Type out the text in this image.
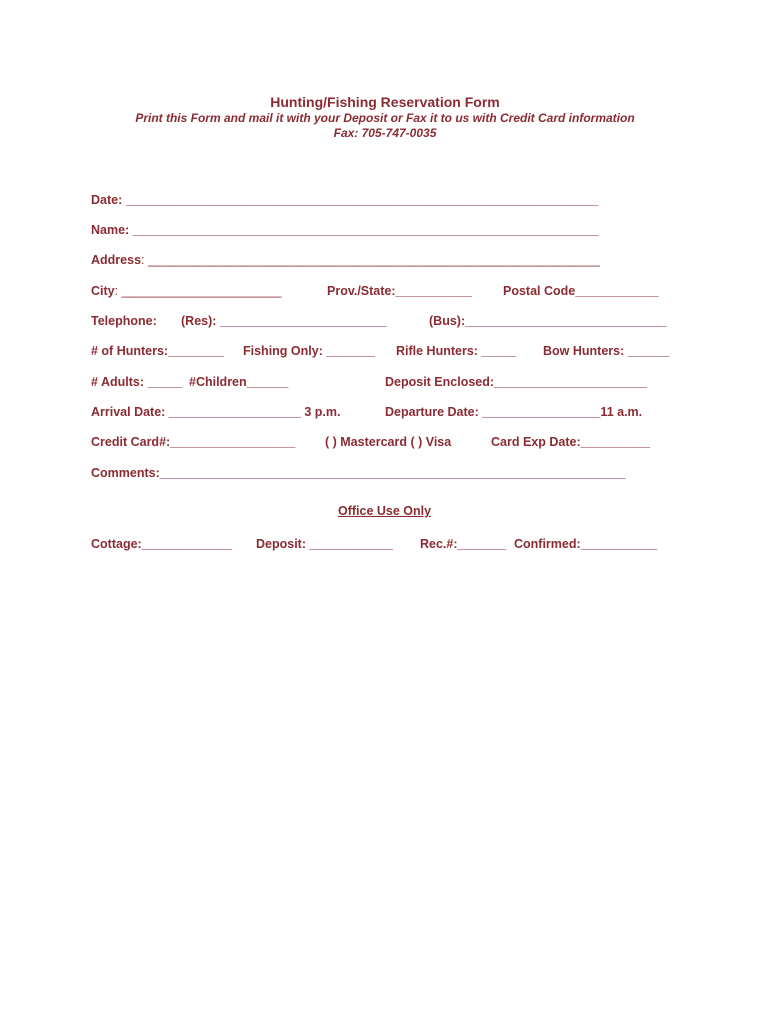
Hunting/Fishing Reservation Form
Print this Form and mail it with your Deposit or Fax it to us with Credit Card information
Fax: 705-747-0035
Date: ____________________________________________________________________
Name: ___________________________________________________________________
Address: _________________________________________________________________
City: _______________________	Prov./State:___________ Postal Code____________
Telephone: (Res): ________________________	(Bus):_____________________________
# of Hunters:________ Fishing Only: _______ Rifle Hunters: _____ Bow Hunters: ______
# Adults: _____ #Children______	Deposit Enclosed:______________________
Arrival Date: ___________________ 3 p.m.	Departure Date: _________________11 a.m.
Credit Card#:__________________ ( ) Mastercard ( ) Visa	Card Exp Date:__________
Comments:___________________________________________________________________
Office Use Only
Cottage:_____________ Deposit: ____________ Rec.#:_______ Confirmed:___________
